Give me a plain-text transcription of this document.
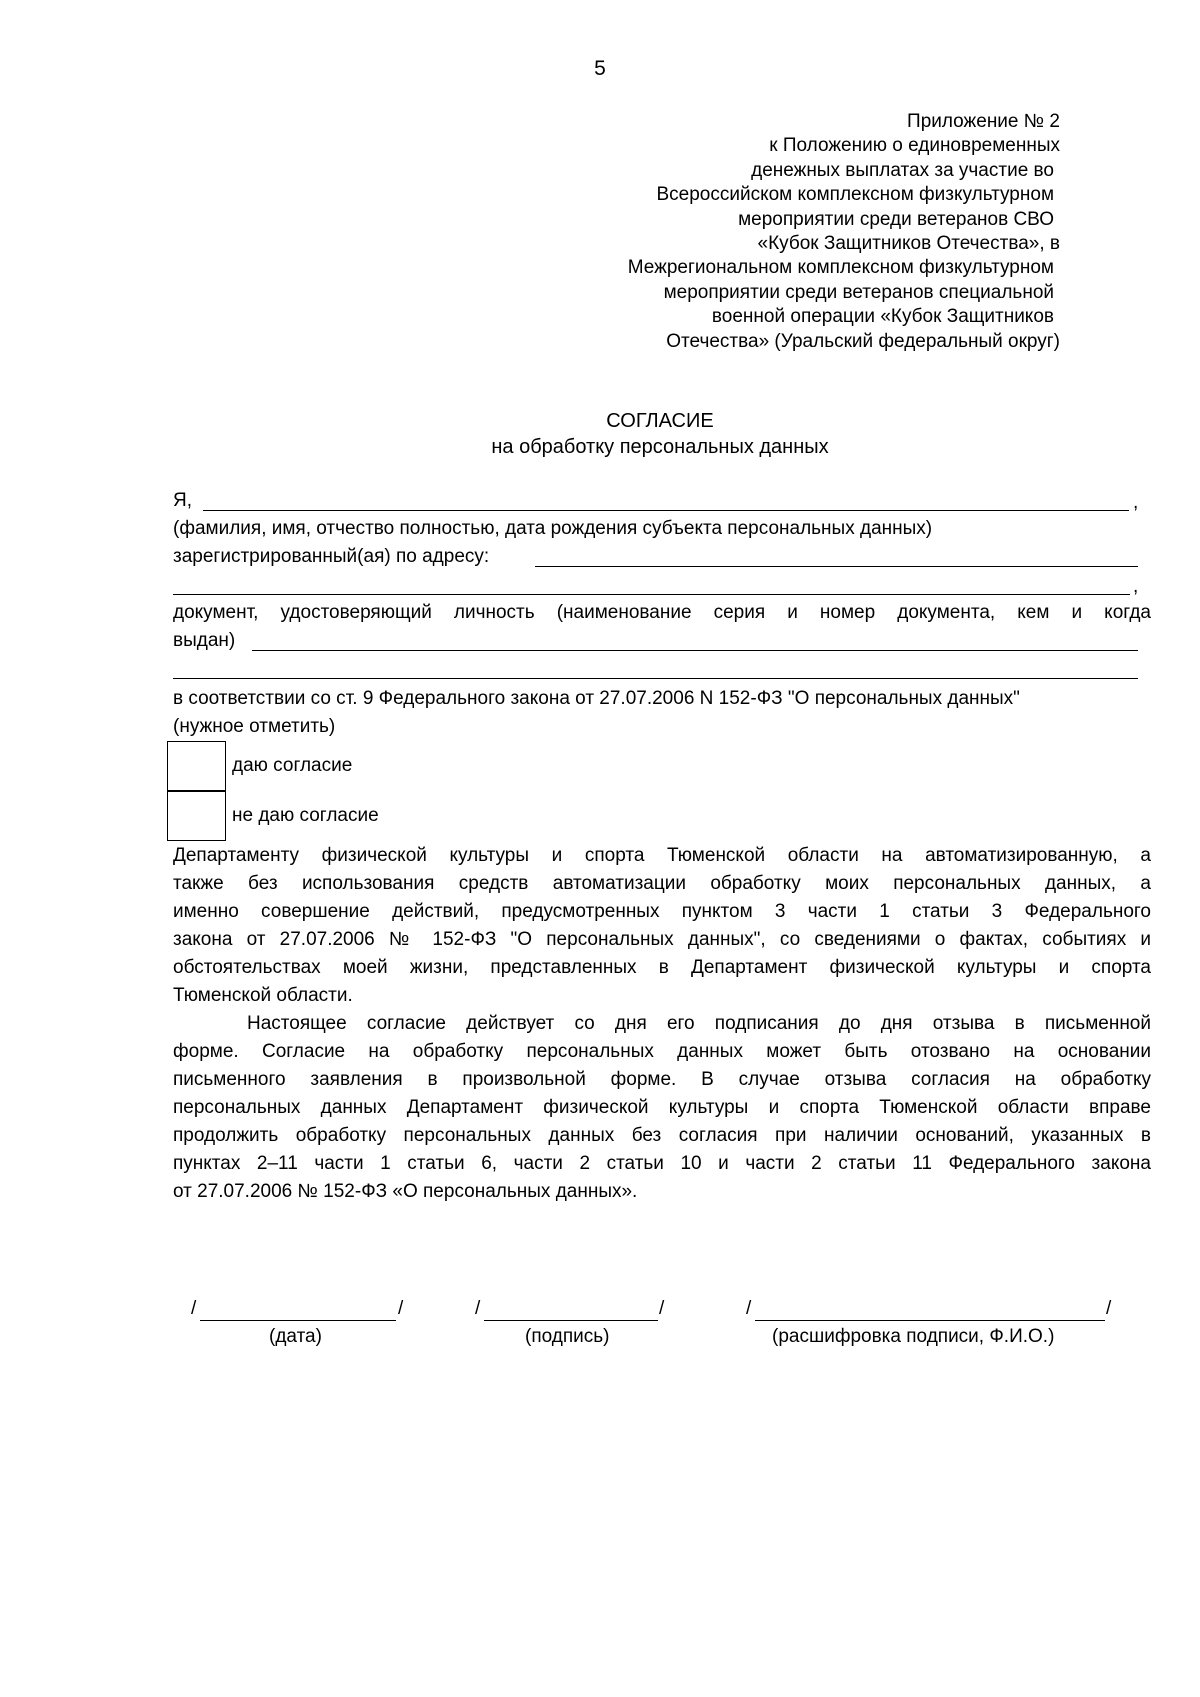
5
Приложение № 2
к Положению о единовременных
денежных выплатах за участие во
Всероссийском комплексном физкультурном
мероприятии среди ветеранов СВО
«Кубок Защитников Отечества», в
Межрегиональном комплексном физкультурном
мероприятии среди ветеранов специальной
военной операции «Кубок Защитников
Отечества» (Уральский федеральный округ)
СОГЛАСИЕ
на обработку персональных данных
Я,	,
(фамилия, имя, отчество полностью, дата рождения субъекта персональных данных)
зарегистрированный(ая) по адресу:
,
документ, удостоверяющий личность (наименование серия и номер документа, кем и когда
выдан)
в соответствии со ст. 9 Федерального закона от 27.07.2006 N 152-ФЗ "О персональных данных"
(нужное отметить)
даю согласие
не даю согласие
Департаменту физической культуры и спорта Тюменской области на автоматизированную, а
также без использования средств автоматизации обработку моих персональных данных, а
именно совершение действий, предусмотренных пунктом 3 части 1 статьи 3 Федерального
закона от 27.07.2006 № 152-ФЗ "О персональных данных", со сведениями о фактах, событиях и
обстоятельствах моей жизни, представленных в Департамент физической культуры и спорта
Тюменской области.
Настоящее согласие действует со дня его подписания до дня отзыва в письменной
форме. Согласие на обработку персональных данных может быть отозвано на основании
письменного заявления в произвольной форме. В случае отзыва согласия на обработку
персональных данных Департамент физической культуры и спорта Тюменской области вправе
продолжить обработку персональных данных без согласия при наличии оснований, указанных в
пунктах 2–11 части 1 статьи 6, части 2 статьи 10 и части 2 статьи 11 Федерального закона
от 27.07.2006 № 152-ФЗ «О персональных данных».
/	/
(дата)
/	/
(подпись)
/	/
(расшифровка подписи, Ф.И.О.)
